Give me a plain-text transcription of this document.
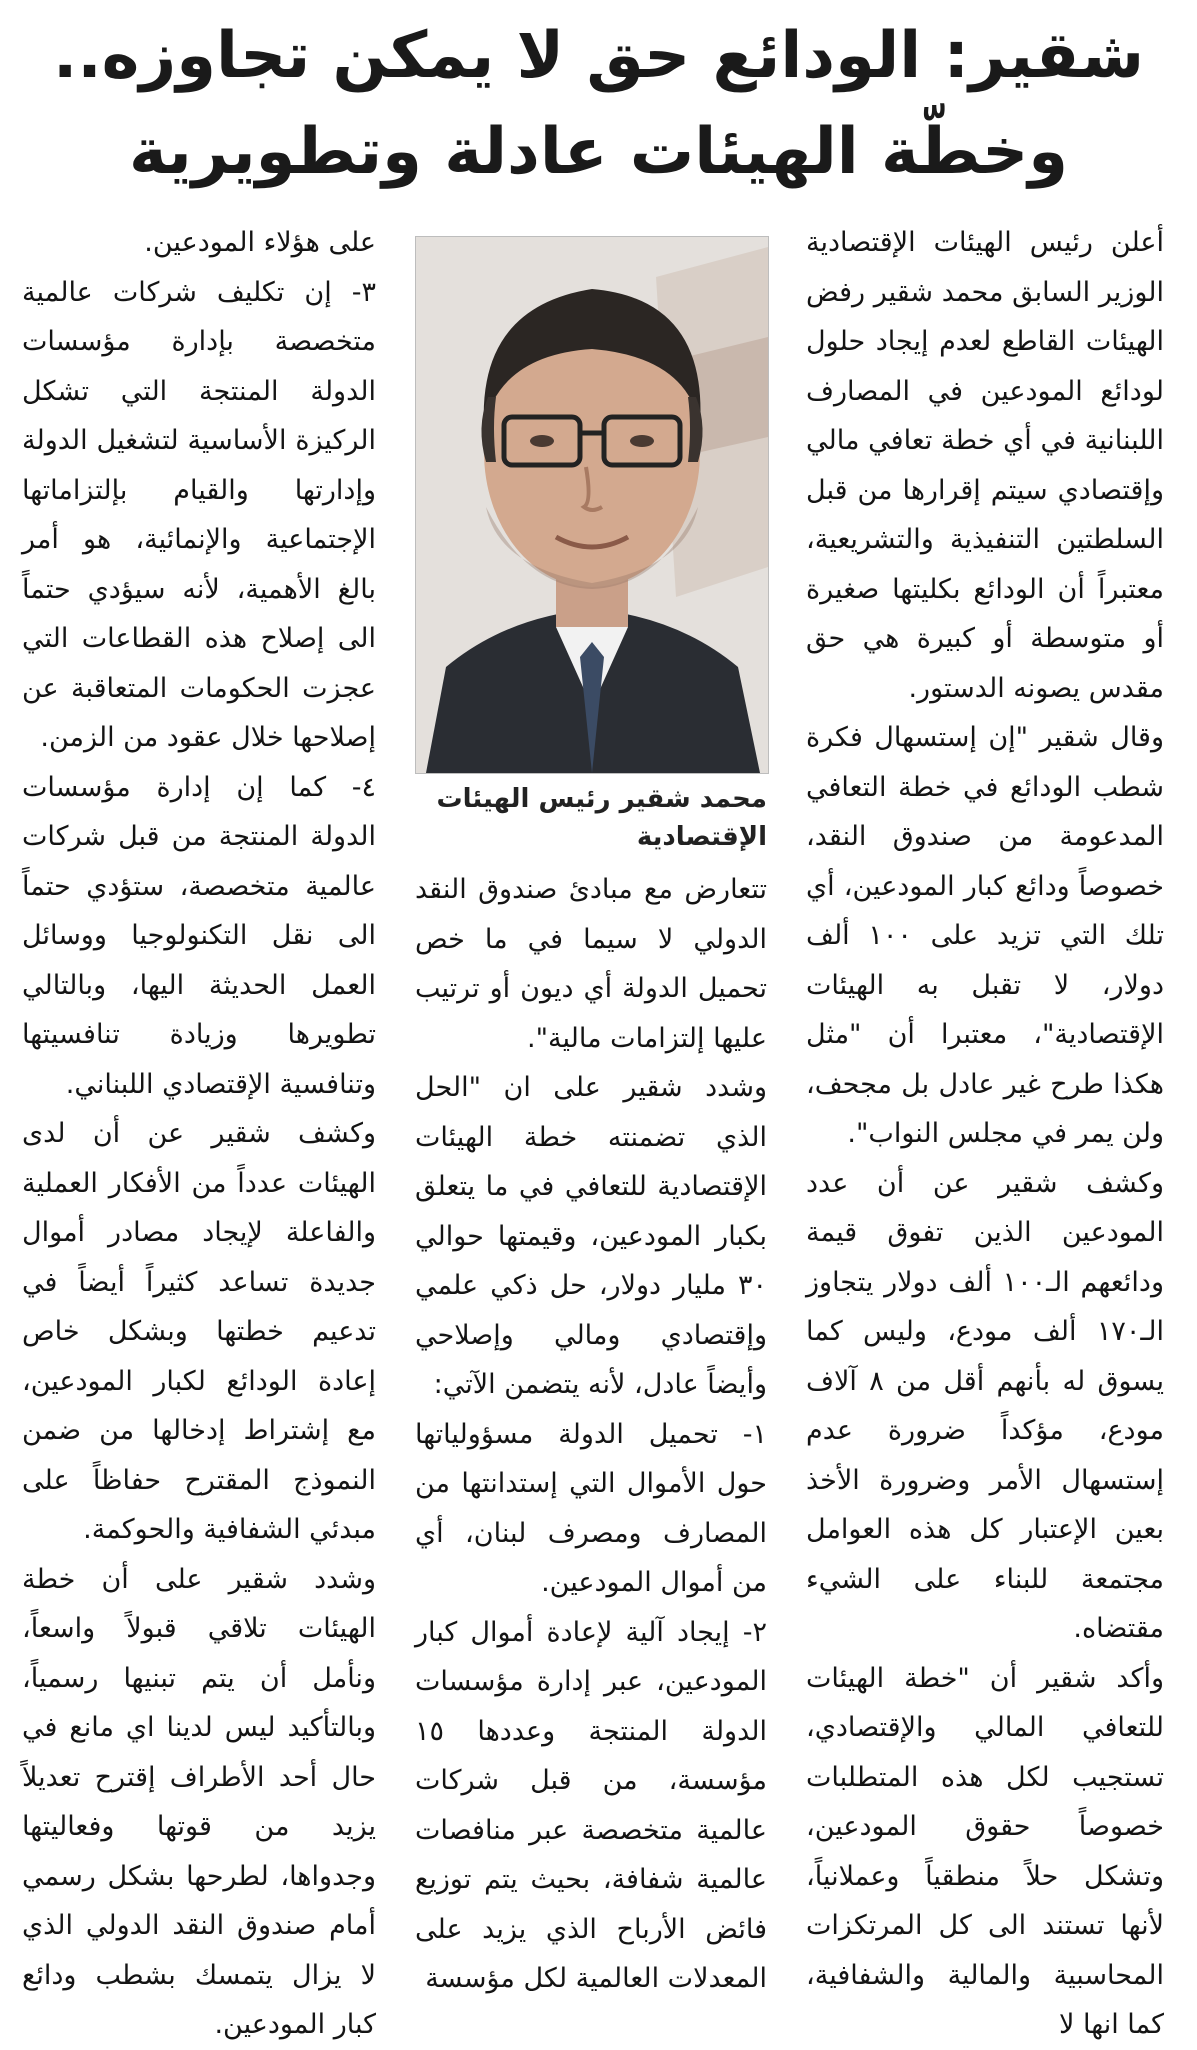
شقير: الودائع حق لا يمكن تجاوزه..
وخطّة الهيئات عادلة وتطويرية

أعلن رئيس الهيئات الإقتصادية الوزير السابق محمد شقير رفض الهيئات القاطع لعدم إيجاد حلول لودائع المودعين في المصارف اللبنانية في أي خطة تعافي مالي وإقتصادي سيتم إقرارها من قبل السلطتين التنفيذية والتشريعية، معتبراً أن الودائع بكليتها صغيرة أو متوسطة أو كبيرة هي حق مقدس يصونه الدستور.

وقال شقير "إن إستسهال فكرة شطب الودائع في خطة التعافي المدعومة من صندوق النقد، خصوصاً ودائع كبار المودعين، أي تلك التي تزيد على ١٠٠ ألف دولار، لا تقبل به الهيئات الإقتصادية"، معتبرا أن "مثل هكذا طرح غير عادل بل مجحف، ولن يمر في مجلس النواب".

وكشف شقير عن أن عدد المودعين الذين تفوق قيمة ودائعهم الـ١٠٠ ألف دولار يتجاوز الـ١٧٠ ألف مودع، وليس كما يسوق له بأنهم أقل من ٨ آلاف مودع، مؤكداً ضرورة عدم إستسهال الأمر وضرورة الأخذ بعين الإعتبار كل هذه العوامل مجتمعة للبناء على الشيء مقتضاه.

وأكد شقير أن "خطة الهيئات للتعافي المالي والإقتصادي، تستجيب لكل هذه المتطلبات خصوصاً حقوق المودعين، وتشكل حلاً منطقياً وعملانياً، لأنها تستند الى كل المرتكزات المحاسبية والمالية والشفافية، كما انها لا

محمد شقير رئيس الهيئات الإقتصادية

تتعارض مع مبادئ صندوق النقد الدولي لا سيما في ما خص تحميل الدولة أي ديون أو ترتيب عليها إلتزامات مالية".

وشدد شقير على ان "الحل الذي تضمنته خطة الهيئات الإقتصادية للتعافي في ما يتعلق بكبار المودعين، وقيمتها حوالي ٣٠ مليار دولار، حل ذكي علمي وإقتصادي ومالي وإصلاحي وأيضاً عادل، لأنه يتضمن الآتي:

١- تحميل الدولة مسؤولياتها حول الأموال التي إستدانتها من المصارف ومصرف لبنان، أي من أموال المودعين.

٢- إيجاد آلية لإعادة أموال كبار المودعين، عبر إدارة مؤسسات الدولة المنتجة وعددها ١٥ مؤسسة، من قبل شركات عالمية متخصصة عبر منافصات عالمية شفافة، بحيث يتم توزيع فائض الأرباح الذي يزيد على المعدلات العالمية لكل مؤسسة

على هؤلاء المودعين.

٣- إن تكليف شركات عالمية متخصصة بإدارة مؤسسات الدولة المنتجة التي تشكل الركيزة الأساسية لتشغيل الدولة وإدارتها والقيام بإلتزاماتها الإجتماعية والإنمائية، هو أمر بالغ الأهمية، لأنه سيؤدي حتماً الى إصلاح هذه القطاعات التي عجزت الحكومات المتعاقبة عن إصلاحها خلال عقود من الزمن.

٤- كما إن إدارة مؤسسات الدولة المنتجة من قبل شركات عالمية متخصصة، ستؤدي حتماً الى نقل التكنولوجيا ووسائل العمل الحديثة اليها، وبالتالي تطويرها وزيادة تنافسيتها وتنافسية الإقتصادي اللبناني.

وكشف شقير عن أن لدى الهيئات عدداً من الأفكار العملية والفاعلة لإيجاد مصادر أموال جديدة تساعد كثيراً أيضاً في تدعيم خطتها وبشكل خاص إعادة الودائع لكبار المودعين، مع إشتراط إدخالها من ضمن النموذج المقترح حفاظاً على مبدئي الشفافية والحوكمة.

وشدد شقير على أن خطة الهيئات تلاقي قبولاً واسعاً، ونأمل أن يتم تبنيها رسمياً، وبالتأكيد ليس لدينا اي مانع في حال أحد الأطراف إقترح تعديلاً يزيد من قوتها وفعاليتها وجدواها، لطرحها بشكل رسمي أمام صندوق النقد الدولي الذي لا يزال يتمسك بشطب ودائع كبار المودعين.
